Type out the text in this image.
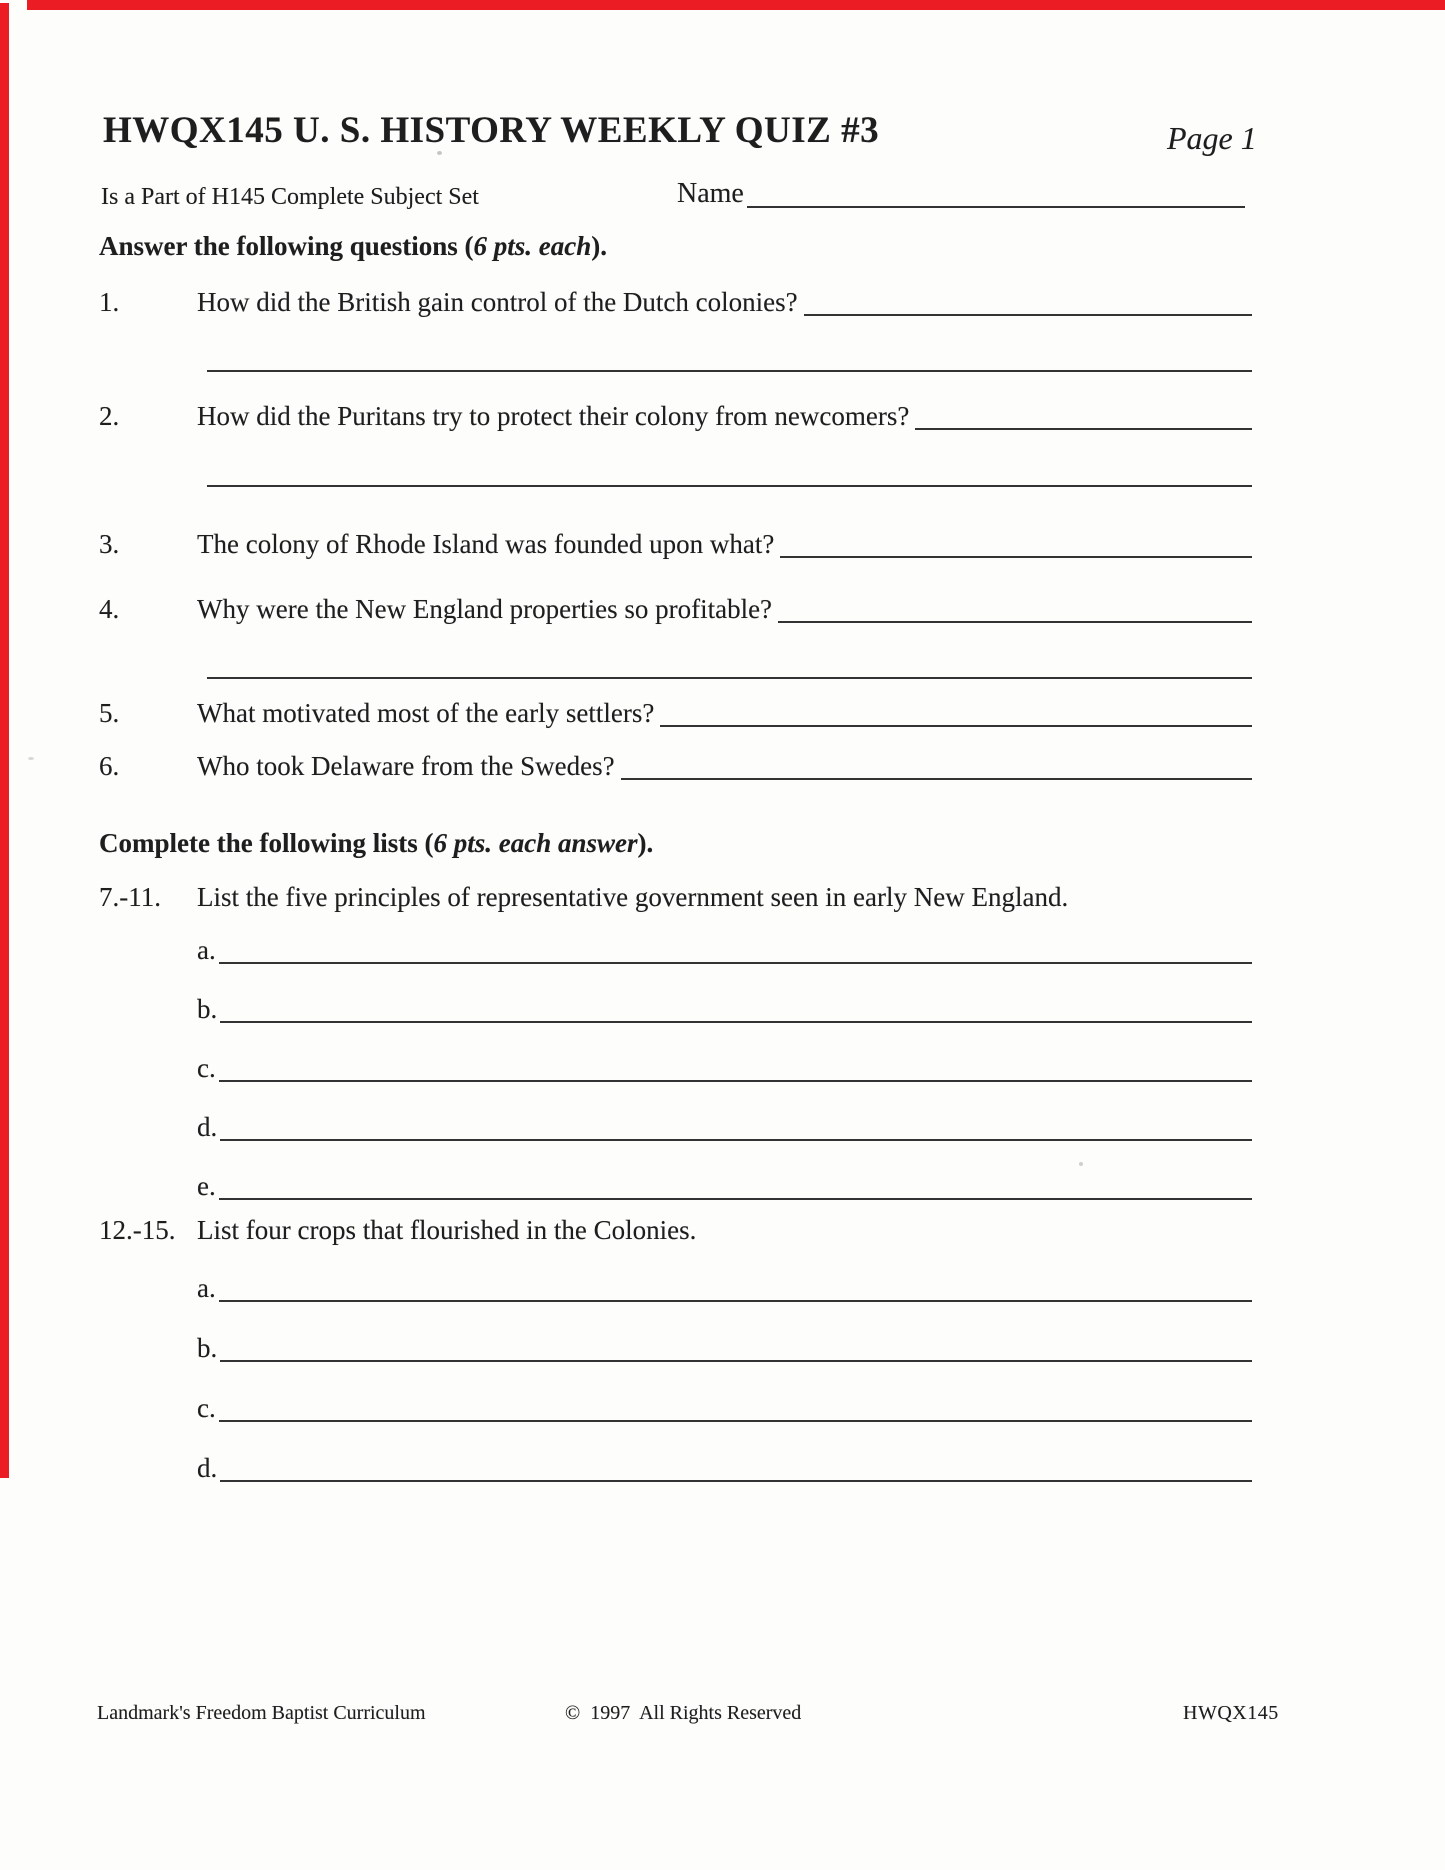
HWQX145 U. S. HISTORY WEEKLY QUIZ #3	Page 1
Is a Part of H145 Complete Subject Set	Name
Answer the following questions (6 pts. each).
1.	How did the British gain control of the Dutch colonies?
2.	How did the Puritans try to protect their colony from newcomers?
3.	The colony of Rhode Island was founded upon what?
4.	Why were the New England properties so profitable?
5.	What motivated most of the early settlers?
6.	Who took Delaware from the Swedes?
Complete the following lists (6 pts. each answer).
7.-11.	List the five principles of representative government seen in early New England.
a.
b.
c.
d.
e.
12.-15. List four crops that flourished in the Colonies.
a.
b.
c.
d.
Landmark's Freedom Baptist Curriculum	©  1997  All Rights Reserved	HWQX145
